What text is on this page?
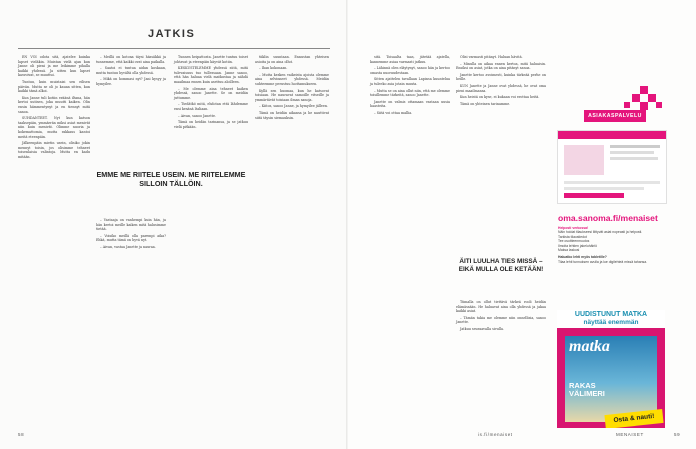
JATKIS

EN VOI odota sitä, ajatelee kuinka lapset vieläkin. Muistan vielä ajan kun Janne oli pieni ja me leikimme pihalla kaikki yhdessä. Ja sitten kun lapset kasvoivat, se muuttui.

Tuntuu, kuin muistaisi sen eilisen päivän. Mutta se oli jo kauan sitten, kun kaikki tämä alkoi.

Kun Janne tuli kotiin eräänä iltana, hän kertoi uutisen, joka muutti kaiken. Olin ensin hämmentynyt ja en tiennyt mitä sanoa.

SUHDANTEET. Nyt kun katson taaksepäin, ymmärrän miksi asiat menivät niin kuin menivät. Olimme nuoria ja kokemattomia, mutta rakkaus kantoi meitä eteenpäin.

Jälkeenpäin mietin usein, olisiko jokin mennyt toisin, jos olisimme tehneet toisenlaisia valintoja. Mutta en kadu mitään.

– Meillä on kotona täysi hässäkkä ja tunnemme, että kaikki ovat aina paikalla.

– Saatoi ei tuntua aidan koskaan, mutta tuntuu hyvältä olla yhdessä.

– Mikä on hommasi nyt? Jani kysyy ja hymyilee.

EMME ME RIITELE USEIN. ME RIITELEMME SILLOIN TÄLLÖIN.

– Vastaaja on vanhempi kuin hän, ja hän kertoi meille kaiken mitä halusimme tietää.

– Voisiko meillä olla parempi aika? Ehkä, mutta tämä on hyvä nyt.

– Aivan, vastaa Janette ja nauraa.

Tunnen heipattosta. Janette tuntuu toiset johtavat ja eteenpäin käyvät kotiin.

KESKUSTELEMME yhdessä siitä, mitä tulevaisuus tuo tullessaan. Janne sanoo, että hän haluaa vielä matkustaa ja nähdä maailmaa ennen kuin asettuu aloilleen.

– Me olemme aina tehneet kaiken yhdessä, sanoo Janette. Se on meidän juttumme.

– Tiedätkö mitä, ehdotan että lähdemme ensi kesänä Italiaan.

– Aivan, sanoo Janette.

Tämä on heidän tarinansa, ja se jatkuu vielä pitkään.

tiiklin suuntaan. Ennustan yhteisen asioita ja on aina ollut.

– Ihan kokonaan.

– Mutta kesken vaikeista ajoista olemme aina selvinneet yhdessä. Meidän suhteemme perustuu luottamukseen.

Kyllä sen huomaa, kun he katsovat toisiaan. He nauravat samoille vitseille ja ymmärtävät toisiaan ilman sanoja.

– Kiitos, sanoo Janne, ja hymyilee jälleen.

Tämä on heidän aikansa ja he nauttivat siitä täysin siemauksin.

58

sitä. Toisaalta taas, jätetää ajatella, kannemme asiaa varmasti jatkuu.

– Lähinnä olen eläytynyt, sanoo hän ja kertoo omasta nuoruudestaan.

Sitten ajattelen tavallaan Lapinsa kuuntelua ja tuleeko asia jotain muuta.

– Mutta se on aina ollut niin, että me olemme toisillemme tärkeitä, sanoo Janette.

Janette on valmis ottamaan vastaan uusia haasteita.

– Siitä voi ottaa mallia.

Olisi varmasti pitänyt. Haluan hävitä.

– Minulla on aikaa ennen kertoa, mitä haluaisin. Ensiksi on asiat, jotka on aina pitänyt sanoa.

Janette kertoo avoimesti, kuinka tärkeää perhe on heille.

KUN Janette ja Janne ovat yhdessä, he ovat oma pieni maailmansa.

Kun heistä on kyse, ei kukaan voi erottaa heitä.

Tämä on yhteinen tarinamme.

ÄITI LUULHA TIES MISSÄ – EIKÄ MULLA OLE KETÄÄN!

Tiimalla on ollut tiettävä tärkeä rooli heidän elämässään. He haluavat aina olla yhdessä ja jakaa kaikki asiat.

– Tämän takia me olemme niin onnellisia, sanoo Janette.

Jatkuu seuraavalla sivulla.

is.fi/menaiset	MENAISET	59
ASIAKASPALVELU
oma.sanoma.fi/menaiset
Helposti verkossa!
Näin hoidat tilaukseesi liittyvät asiat nopeasti ja helposti.
Tarkista tilaustiedot
Tee osoitteenmuutos
Ilmoita lehtien jakeluhäiriö
Maksa laskusi
Haluatko lehti myös tabletille?
Tilaa lehti tunnuksen avulla ja lue digilehteä missä tahansa.
UUDISTUNUT MATKA
näyttää enemmän
matka
RAKAS VÄLIMERI
Osta & nauti!
